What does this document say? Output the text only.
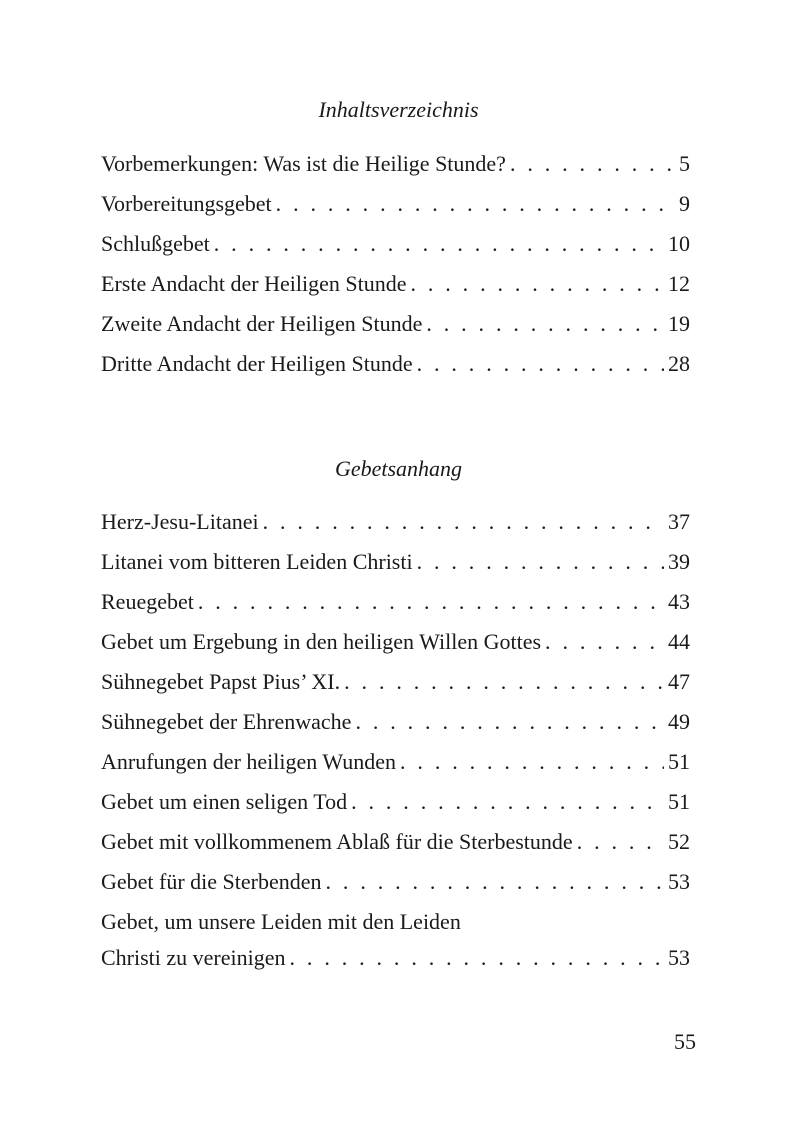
Inhaltsverzeichnis
Vorbemerkungen: Was ist die Heilige Stunde? . . .	5
Vorbereitungsgebet . . .	9
Schlußgebet . . .	10
Erste Andacht der Heiligen Stunde . . .	12
Zweite Andacht der Heiligen Stunde . . .	19
Dritte Andacht der Heiligen Stunde . . .	28
Gebetsanhang
Herz-Jesu-Litanei . . .	37
Litanei vom bitteren Leiden Christi . . .	39
Reuegebet . . .	43
Gebet um Ergebung in den heiligen Willen Gottes . . .	44
Sühnegebet Papst Pius’ XI. . . .	47
Sühnegebet der Ehrenwache . . .	49
Anrufungen der heiligen Wunden . . .	51
Gebet um einen seligen Tod . . .	51
Gebet mit vollkommenem Ablaß für die Sterbestunde . . .	52
Gebet für die Sterbenden . . .	53
Gebet, um unsere Leiden mit den Leiden
Christi zu vereinigen . . .	53
55
